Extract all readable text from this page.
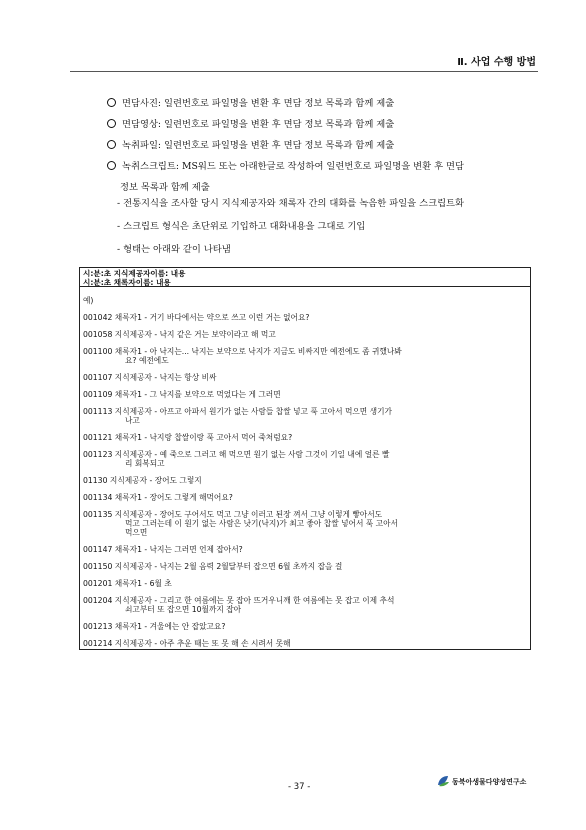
Ⅱ. 사업 수행 방법
면담사진: 일련번호로 파일명을 변환 후 면담 정보 목록과 함께 제출
면담영상: 일련번호로 파일명을 변환 후 면담 정보 목록과 함께 제출
녹취파일: 일련번호로 파일명을 변환 후 면담 정보 목록과 함께 제출
녹취스크립트: MS워드 또는 아래한글로 작성하여 일련번호로 파일명을 변환 후 면담
정보 목록과 함께 제출
- 전통지식을 조사할 당시 지식제공자와 채록자 간의 대화를 녹음한 파일을 스크립트화
- 스크립트 형식은 초단위로 기입하고 대화내용을 그대로 기입
- 형태는 아래와 같이 나타냄
시:분:초 지식제공자이름: 내용
시:분:초 채록자이름: 내용
예)
001042 채록자1 - 거기 바다에서는 약으로 쓰고 이런 거는 없어요?
001058 지식제공자 - 낙지 같은 거는 보약이라고 해 먹고
001100 채록자1 - 아 낙지는... 낙지는 보약으로 낙지가 지금도 비싸지만 예전에도 좀 귀했나봐
요? 예전에도
001107 지식제공자 - 낙지는 항상 비싸
001109 채록자1 - 그 낙지를 보약으로 먹었다는 게 그러면
001113 지식제공자 - 아프고 아파서 원기가 없는 사람들 찹쌀 넣고 푹 고아서 먹으면 생기가
나고
001121 채록자1 - 낙지랑 찹쌀이랑 푹 고아서 먹어 죽처럼요?
001123 지식제공자 - 예 죽으로 그러고 해 먹으면 원기 없는 사람 그것이 기일 내에 얼른 빨
리 회복되고
01130 지식제공자 - 장어도 그렇지
001134 채록자1 - 장어도 그렇게 해먹어요?
001135 지식제공자 - 장어도 구어서도 먹고 그냥 이러고 된장 껴서 그냥 이렇게 빻아서도
먹고 그러는데 이 원기 없는 사람은 낫기(낙지)가 최고 좋아 찹쌀 넣어서 푹 고아서
먹으면
001147 채록자1 - 낙지는 그러면 언제 잡아서?
001150 지식제공자 - 낙지는 2월 음력 2월달부터 잡으면 6월 초까지 잡을 걸
001201 채록자1 - 6월 초
001204 지식제공자 - 그리고 한 여름에는 못 잡아 뜨거우니깨 한 여름에는 못 잡고 이제 추석
쇠고부터 또 잡으면 10월까지 잡아
001213 채록자1 - 겨울에는 안 잡았고요?
001214 지식제공자 - 아주 추운 때는 또 못 해 손 시려서 못해
- 37 -	동북아생물다양성연구소
